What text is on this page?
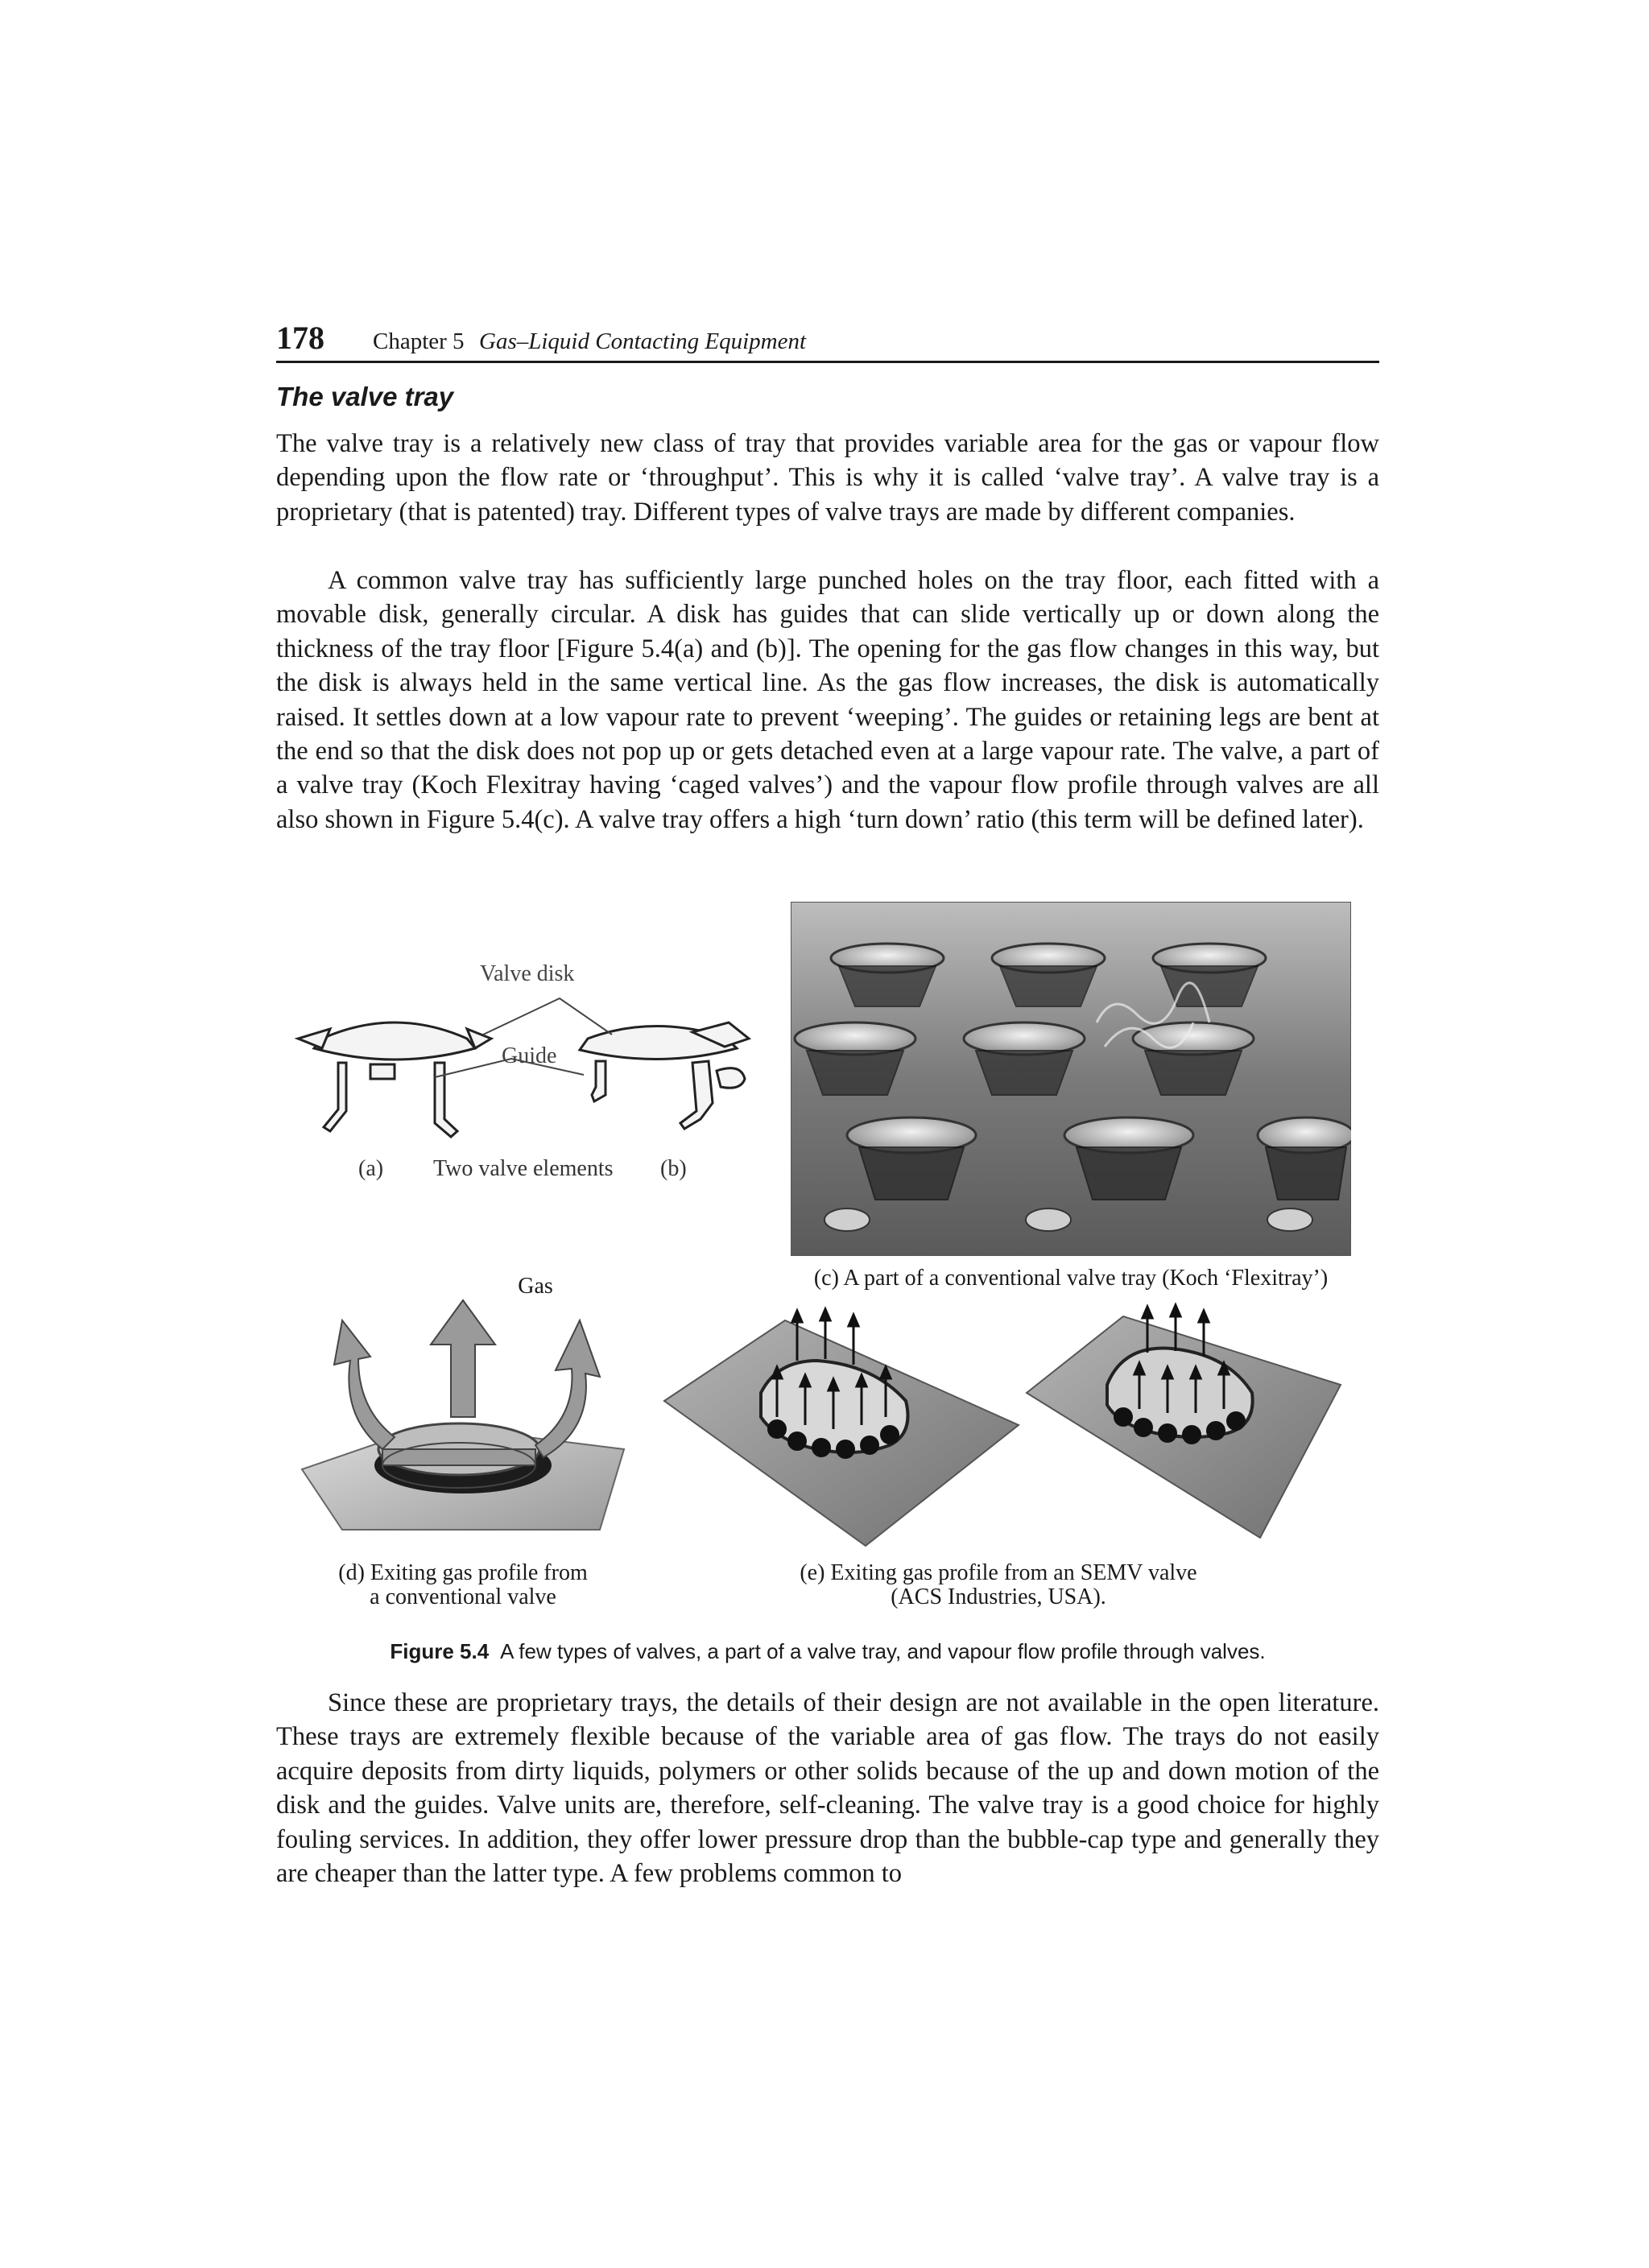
178 Chapter 5 Gas–Liquid Contacting Equipment
The valve tray

The valve tray is a relatively new class of tray that provides variable area for the gas or vapour flow depending upon the flow rate or ‘throughput’. This is why it is called ‘valve tray’. A valve tray is a proprietary (that is patented) tray. Different types of valve trays are made by different companies.

A common valve tray has sufficiently large punched holes on the tray floor, each fitted with a movable disk, generally circular. A disk has guides that can slide vertically up or down along the thickness of the tray floor [Figure 5.4(a) and (b)]. The opening for the gas flow changes in this way, but the disk is always held in the same vertical line. As the gas flow increases, the disk is automatically raised. It settles down at a low vapour rate to prevent ‘weeping’. The guides or retaining legs are bent at the end so that the disk does not pop up or gets detached even at a large vapour rate. The valve, a part of a valve tray (Koch Flexitray having ‘caged valves’) and the vapour flow profile through valves are all also shown in Figure 5.4(c). A valve tray offers a high ‘turn down’ ratio (this term will be defined later).

Valve disk
Guide
(a) Two valve elements (b)
(c) A part of a conventional valve tray (Koch ‘Flexitray’)
Gas
(d) Exiting gas profile from
a conventional valve
(e) Exiting gas profile from an SEMV valve
(ACS Industries, USA).
Figure 5.4 A few types of valves, a part of a valve tray, and vapour flow profile through valves.

Since these are proprietary trays, the details of their design are not available in the open literature. These trays are extremely flexible because of the variable area of gas flow. The trays do not easily acquire deposits from dirty liquids, polymers or other solids because of the up and down motion of the disk and the guides. Valve units are, therefore, self-cleaning. The valve tray is a good choice for highly fouling services. In addition, they offer lower pressure drop than the bubble-cap type and generally they are cheaper than the latter type. A few problems common to
